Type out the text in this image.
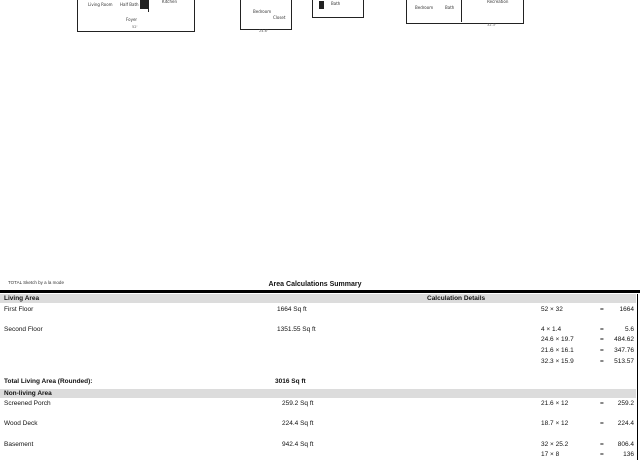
Living Room Half Bath
Foyer
Kitchen
52'
Bedroom
Closet
24.6'
Bath
Bedroom	Bath
Recreation
32.3'
TOTAL Sketch by a la mode	Area Calculations Summary
Living Area	Calculation Details
First Floor	1664 Sq ft	52 × 32	= 1664
Second Floor	1351.55 Sq ft	4 × 1.4	=	5.6
24.6 × 19.7	= 484.62
21.6 × 16.1	= 347.76
32.3 × 15.9	= 513.57
Total Living Area (Rounded):	3016 Sq ft
Non-living Area
Screened Porch	259.2 Sq ft	21.6 × 12	= 259.2
Wood Deck	224.4 Sq ft	18.7 × 12	= 224.4
Basement	942.4 Sq ft	32 × 25.2	= 806.4
17 × 8	=	136
